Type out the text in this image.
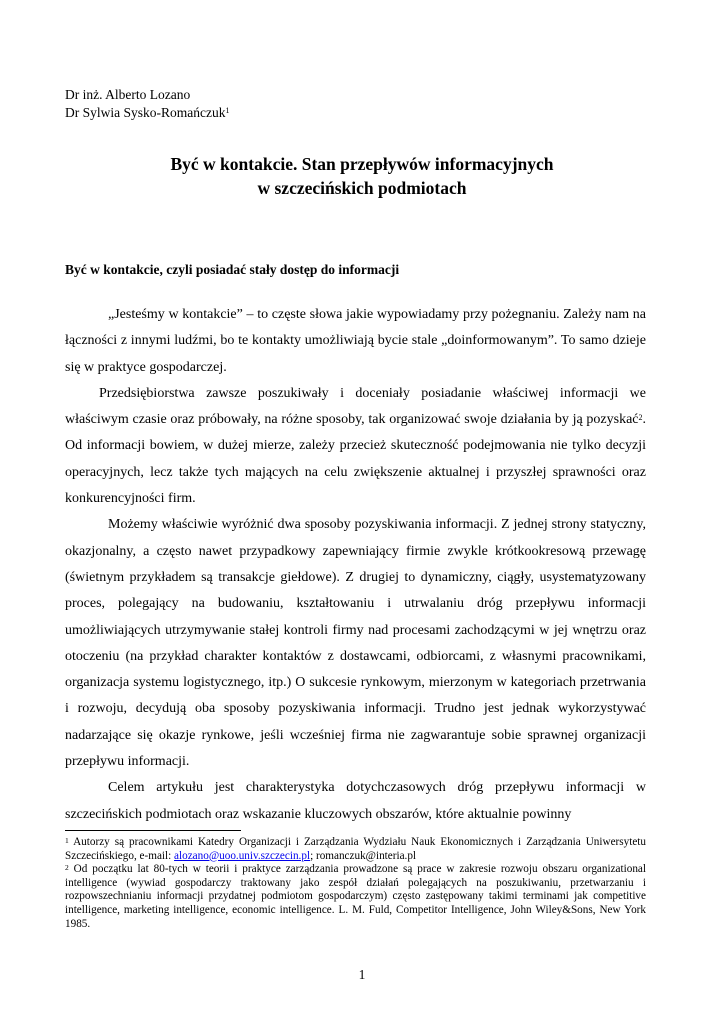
Dr inż. Alberto Lozano
Dr Sylwia Sysko-Romańczuk$^1$
Być w kontakcie. Stan przepływów informacyjnych
w szczecińskich podmiotach
Być w kontakcie, czyli posiadać stały dostęp do informacji

„Jesteśmy w kontakcie” – to częste słowa jakie wypowiadamy przy pożegnaniu. Zależy nam na łączności z innymi ludźmi, bo te kontakty umożliwiają bycie stale „doinformowanym”. To samo dzieje się w praktyce gospodarczej.

Przedsiębiorstwa zawsze poszukiwały i doceniały posiadanie właściwej informacji we właściwym czasie oraz próbowały, na różne sposoby, tak organizować swoje działania by ją pozyskać$^2$. Od informacji bowiem, w dużej mierze, zależy przecież skuteczność podejmowania nie tylko decyzji operacyjnych, lecz także tych mających na celu zwiększenie aktualnej i przyszłej sprawności oraz konkurencyjności firm.

Możemy właściwie wyróżnić dwa sposoby pozyskiwania informacji. Z jednej strony statyczny, okazjonalny, a często nawet przypadkowy zapewniający firmie zwykle krótkookresową przewagę (świetnym przykładem są transakcje giełdowe). Z drugiej to dynamiczny, ciągły, usystematyzowany proces, polegający na budowaniu, kształtowaniu i utrwalaniu dróg przepływu informacji umożliwiających utrzymywanie stałej kontroli firmy nad procesami zachodzącymi w jej wnętrzu oraz otoczeniu (na przykład charakter kontaktów z dostawcami, odbiorcami, z własnymi pracownikami, organizacja systemu logistycznego, itp.) O sukcesie rynkowym, mierzonym w kategoriach przetrwania i rozwoju, decydują oba sposoby pozyskiwania informacji. Trudno jest jednak wykorzystywać nadarzające się okazje rynkowe, jeśli wcześniej firma nie zagwarantuje sobie sprawnej organizacji przepływu informacji.

Celem artykułu jest charakterystyka dotychczasowych dróg przepływu informacji w szczecińskich podmiotach oraz wskazanie kluczowych obszarów, które aktualnie powinny

$^1$ Autorzy są pracownikami Katedry Organizacji i Zarządzania Wydziału Nauk Ekonomicznych i Zarządzania Uniwersytetu Szczecińskiego, e-mail: alozano@uoo.univ.szczecin.pl; romanczuk@interia.pl

$^2$ Od początku lat 80-tych w teorii i praktyce zarządzania prowadzone są prace w zakresie rozwoju obszaru organizational intelligence (wywiad gospodarczy traktowany jako zespół działań polegających na poszukiwaniu, przetwarzaniu i rozpowszechnianiu informacji przydatnej podmiotom gospodarczym) często zastępowany takimi terminami jak competitive intelligence, marketing intelligence, economic intelligence. L. M. Fuld, Competitor Intelligence, John Wiley&Sons, New York 1985.

1
